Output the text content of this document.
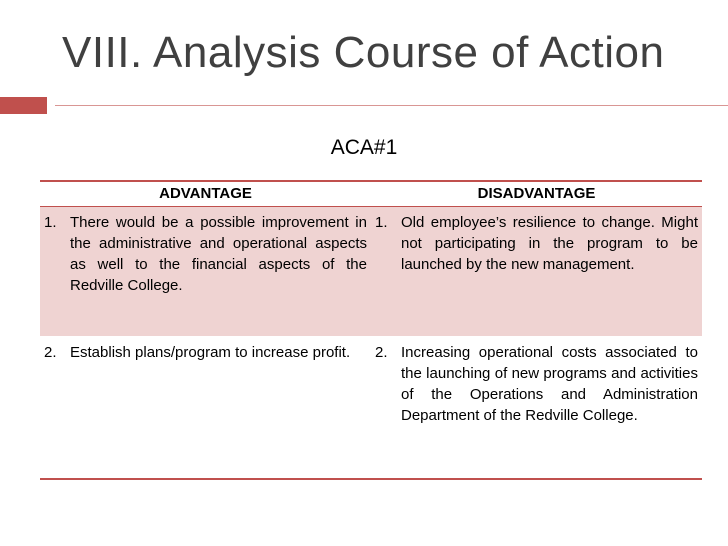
VIII. Analysis Course of Action

ACA#1

ADVANTAGE	DISADVANTAGE

1. There would be a possible improvement in the administrative and operational aspects as well to the financial aspects of the Redville College.	1. Old employee’s resilience to change. Might not participating in the program to be launched by the new management.

2. Establish plans/program to increase profit.	2. Increasing operational costs associated to the launching of new programs and activities of the Operations and Administration Department of the Redville College.
